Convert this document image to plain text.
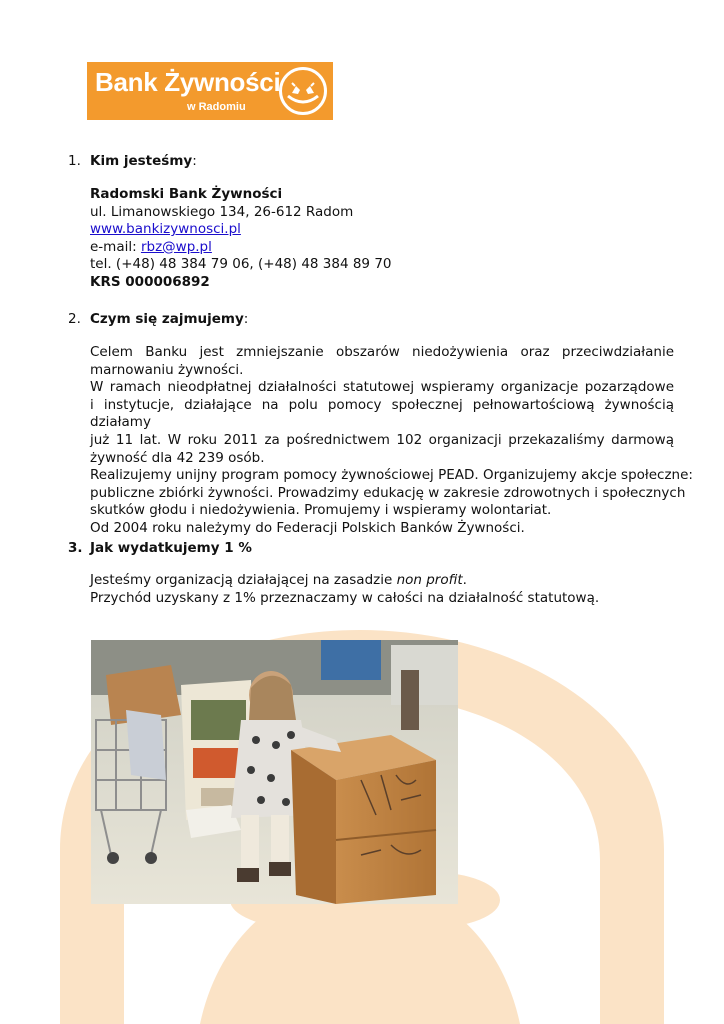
Bank Żywności
w Radomiu
1. Kim jesteśmy:
Radomski Bank Żywności
ul. Limanowskiego 134, 26-612 Radom
www.bankizywnosci.pl
e-mail: rbz@wp.pl
tel. (+48) 48 384 79 06, (+48) 48 384 89 70
KRS 000006892
2. Czym się zajmujemy:
Celem Banku jest zmniejszanie obszarów niedożywienia oraz przeciwdziałanie
marnowaniu żywności.
W ramach nieodpłatnej działalności statutowej wspieramy organizacje pozarządowe
i instytucje, działające na polu pomocy społecznej pełnowartościową żywnością działamy
już 11 lat. W roku 2011 za pośrednictwem 102 organizacji przekazaliśmy darmową
żywność dla 42 239 osób.
Realizujemy unijny program pomocy żywnościowej PEAD. Organizujemy akcje społeczne:
publiczne zbiórki żywności. Prowadzimy edukację w zakresie zdrowotnych i społecznych
skutków głodu i niedożywienia. Promujemy i wspieramy wolontariat.
Od 2004 roku należymy do Federacji Polskich Banków Żywności.
3. Jak wydatkujemy 1 %
Jesteśmy organizacją działającej na zasadzie non profit.
Przychód uzyskany z 1% przeznaczamy w całości na działalność statutową.
